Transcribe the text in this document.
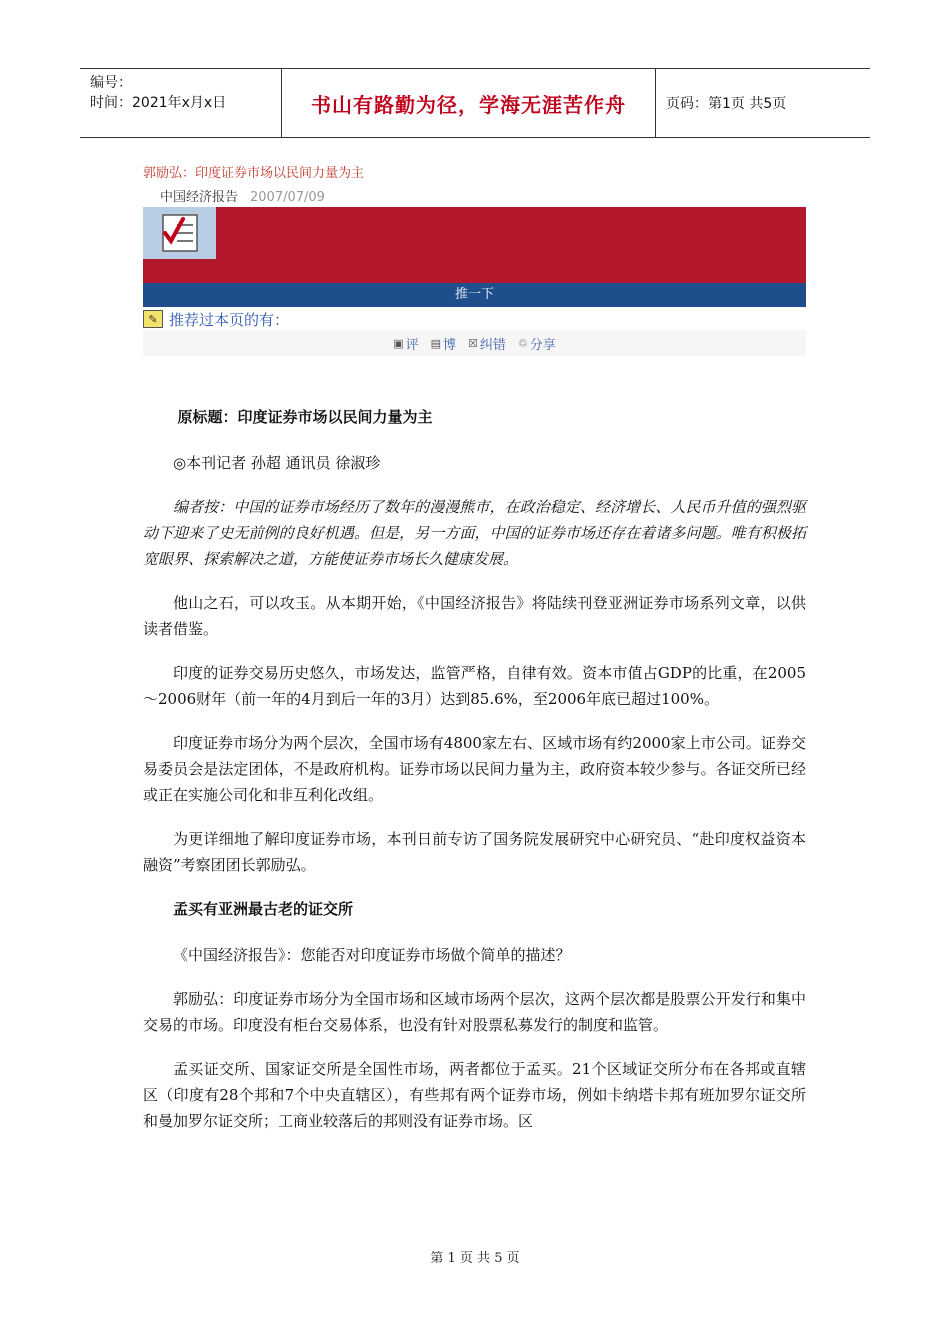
编号：
时间：2021年x月x日	书山有路勤为径，学海无涯苦作舟	页码：第1页 共5页
郭励弘：印度证券市场以民间力量为主
中国经济报告 2007/07/09
推一下
✎ 推荐过本页的有：
▣ 评 ▤ 博 ☒ 纠错 ♲ 分享

原标题：印度证券市场以民间力量为主

◎本刊记者 孙超 通讯员 徐淑珍

编者按：中国的证券市场经历了数年的漫漫熊市，在政治稳定、经济增长、人民币升值的强烈驱动下迎来了史无前例的良好机遇。但是，另一方面，中国的证券市场还存在着诸多问题。唯有积极拓宽眼界、探索解决之道，方能使证券市场长久健康发展。

他山之石，可以攻玉。从本期开始，《中国经济报告》将陆续刊登亚洲证券市场系列文章，以供读者借鉴。

印度的证券交易历史悠久，市场发达，监管严格，自律有效。资本市值占GDP的比重，在2005～2006财年（前一年的4月到后一年的3月）达到85.6%，至2006年底已超过100%。

印度证券市场分为两个层次，全国市场有4800家左右、区域市场有约2000家上市公司。证券交易委员会是法定团体，不是政府机构。证券市场以民间力量为主，政府资本较少参与。各证交所已经或正在实施公司化和非互利化改组。

为更详细地了解印度证券市场，本刊日前专访了国务院发展研究中心研究员、“赴印度权益资本融资”考察团团长郭励弘。

孟买有亚洲最古老的证交所

《中国经济报告》：您能否对印度证券市场做个简单的描述？

郭励弘：印度证券市场分为全国市场和区域市场两个层次，这两个层次都是股票公开发行和集中交易的市场。印度没有柜台交易体系，也没有针对股票私募发行的制度和监管。

孟买证交所、国家证交所是全国性市场，两者都位于孟买。21个区域证交所分布在各邦或直辖区（印度有28个邦和7个中央直辖区），有些邦有两个证券市场，例如卡纳塔卡邦有班加罗尔证交所和曼加罗尔证交所；工商业较落后的邦则没有证券市场。区

第 1 页 共 5 页
